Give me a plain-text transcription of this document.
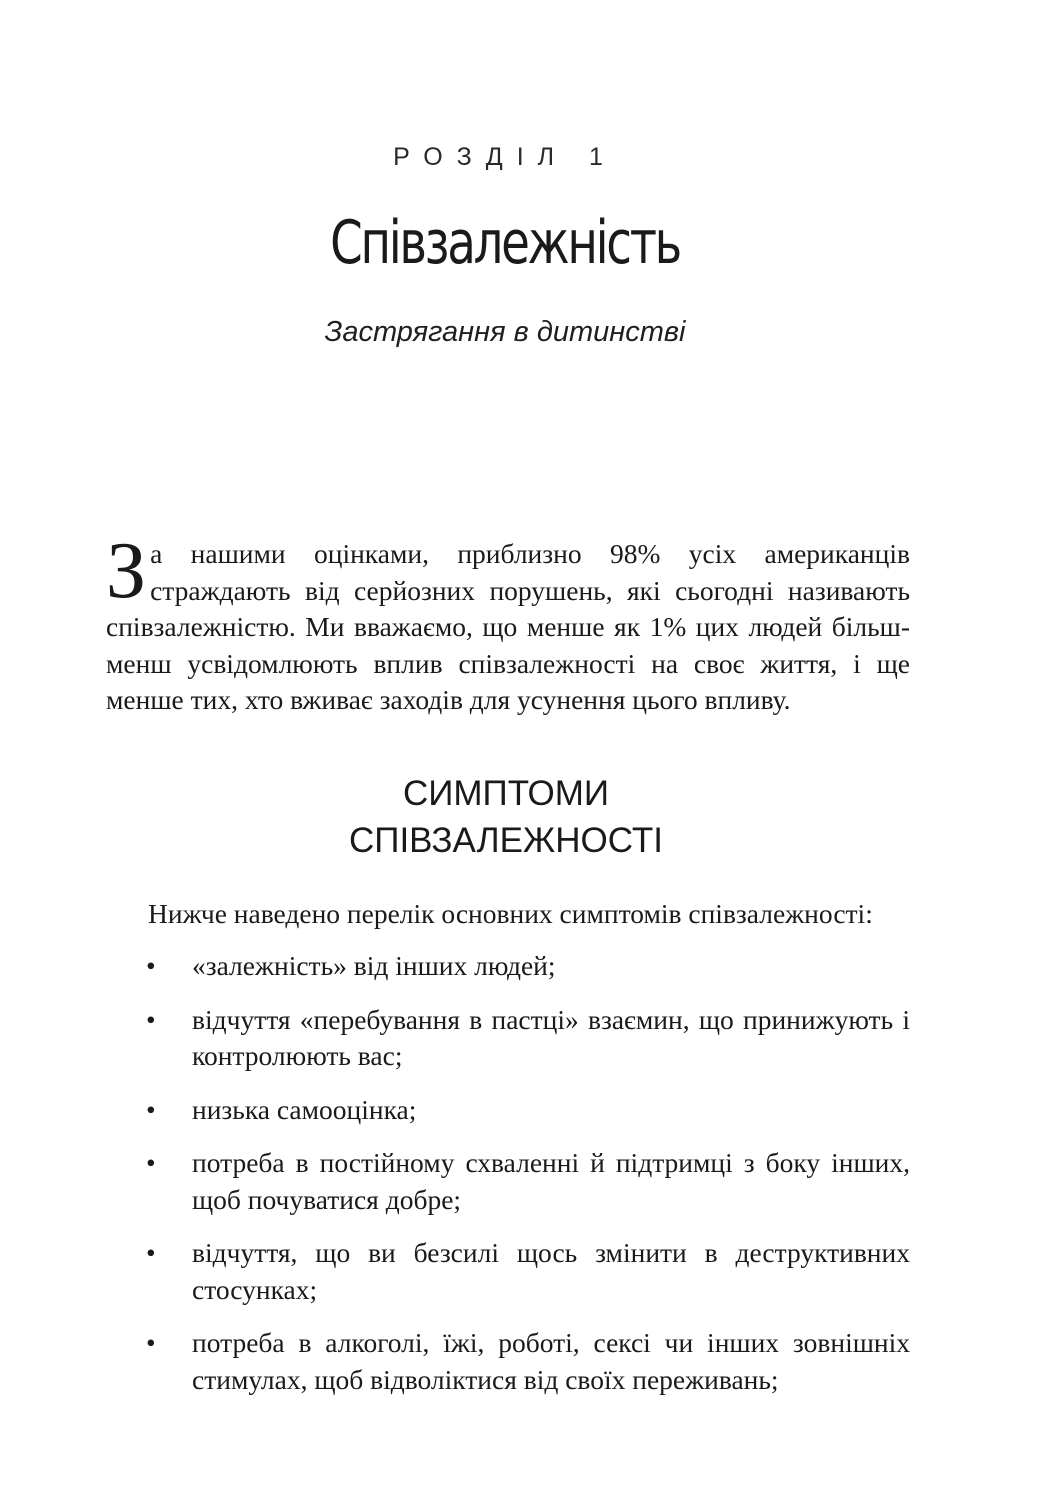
РОЗДІЛ 1
Співзалежність
Застрягання в дитинстві

За нашими оцінками, приблизно 98% усіх американців страждають від серйозних порушень, які сьогодні називають співзалежністю. Ми вважаємо, що менше як 1% цих людей більш-менш усвідомлюють вплив співзалежності на своє життя, і ще менше тих, хто вживає заходів для усунення цього впливу.

СИМПТОМИ
СПІВЗАЛЕЖНОСТІ

Нижче наведено перелік основних симптомів співзалежності:

• «залежність» від інших людей;
• відчуття «перебування в пастці» взаємин, що принижують і контролюють вас;
• низька самооцінка;
• потреба в постійному схваленні й підтримці з боку інших, щоб почуватися добре;
• відчуття, що ви безсилі щось змінити в деструктивних стосунках;
• потреба в алкоголі, їжі, роботі, сексі чи інших зовнішніх стимулах, щоб відволіктися від своїх переживань;
